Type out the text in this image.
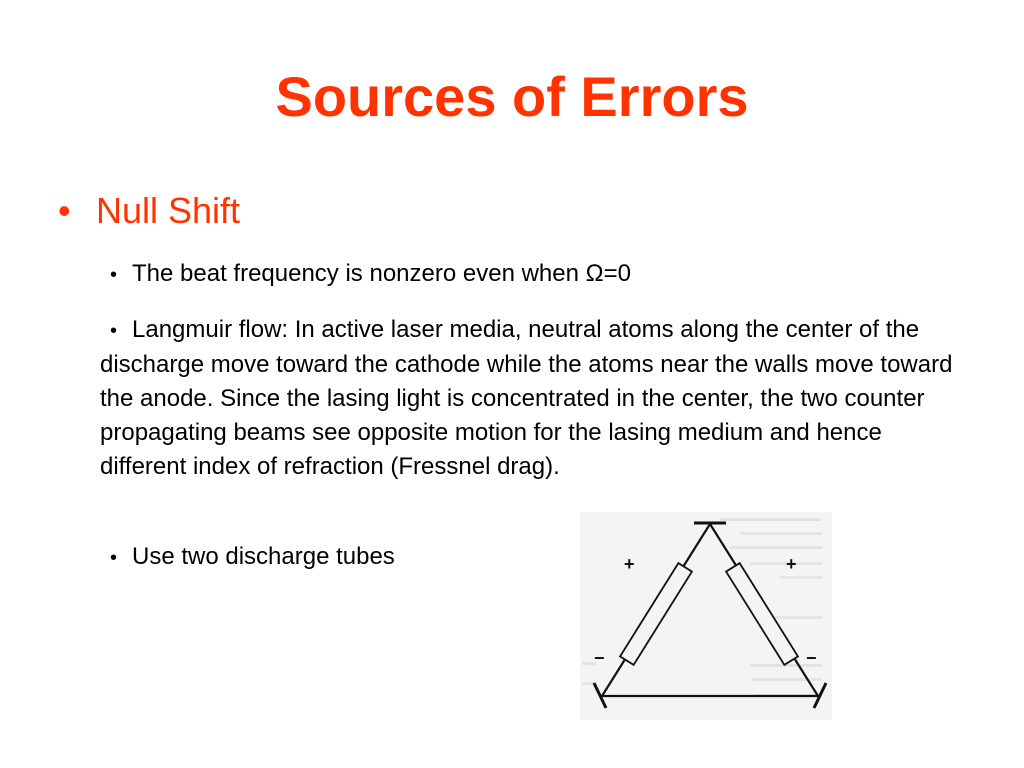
Sources of Errors
• Null Shift
• The beat frequency is nonzero even when Ω=0
• Langmuir flow: In active laser media, neutral atoms along the center of the discharge move toward the cathode while the atoms near the walls move toward the anode. Since the lasing light is concentrated in the center, the two counter propagating beams see opposite motion for the lasing medium and hence different index of refraction (Fressnel drag).
• Use two discharge tubes	+	+
−	−
